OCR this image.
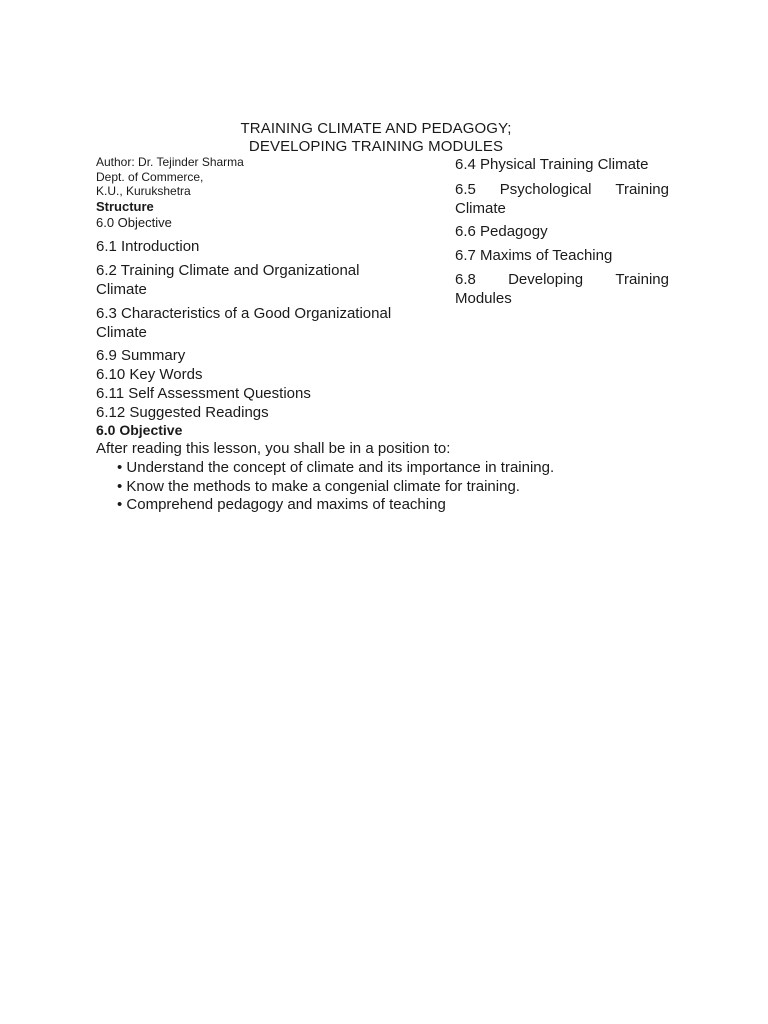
TRAINING CLIMATE AND PEDAGOGY;
DEVELOPING TRAINING MODULES
Author: Dr. Tejinder Sharma
Dept. of Commerce,
K.U., Kurukshetra
Structure
6.0 Objective
6.1 Introduction
6.2 Training Climate and Organizational
Climate
6.3 Characteristics of a Good Organizational
Climate
6.9 Summary
6.10 Key Words
6.11 Self Assessment Questions
6.12 Suggested Readings
6.4 Physical Training Climate
6.5 Psychological Training
Climate
6.6 Pedagogy
6.7 Maxims of Teaching
6.8 Developing Training
Modules
6.0 Objective
After reading this lesson, you shall be in a position to:
• Understand the concept of climate and its importance in training.
• Know the methods to make a congenial climate for training.
• Comprehend pedagogy and maxims of teaching
